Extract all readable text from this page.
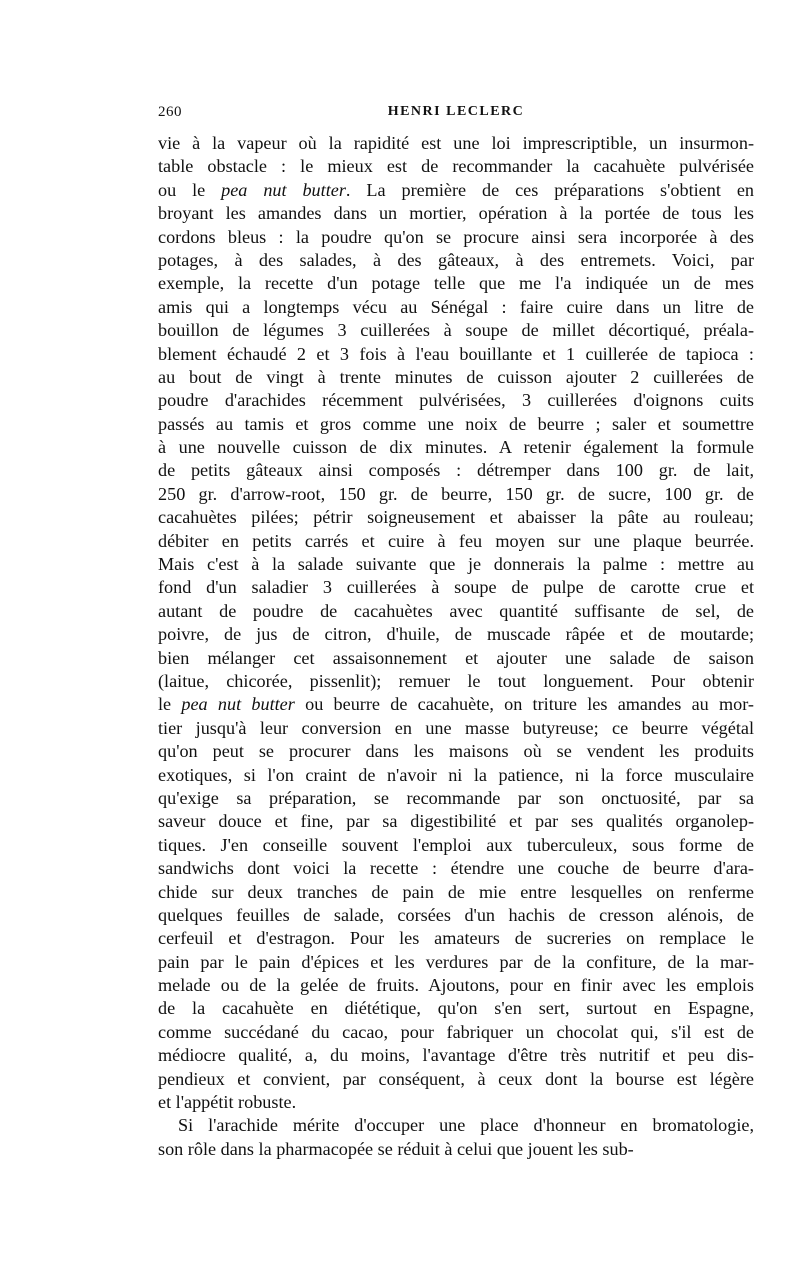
260	HENRI LECLERC
vie à la vapeur où la rapidité est une loi imprescriptible, un insurmon-
table obstacle : le mieux est de recommander la cacahuète pulvérisée
ou le pea nut butter. La première de ces préparations s'obtient en
broyant les amandes dans un mortier, opération à la portée de tous les
cordons bleus : la poudre qu'on se procure ainsi sera incorporée à des
potages, à des salades, à des gâteaux, à des entremets. Voici, par
exemple, la recette d'un potage telle que me l'a indiquée un de mes
amis qui a longtemps vécu au Sénégal : faire cuire dans un litre de
bouillon de légumes 3 cuillerées à soupe de millet décortiqué, préala-
blement échaudé 2 et 3 fois à l'eau bouillante et 1 cuillerée de tapioca :
au bout de vingt à trente minutes de cuisson ajouter 2 cuillerées de
poudre d'arachides récemment pulvérisées, 3 cuillerées d'oignons cuits
passés au tamis et gros comme une noix de beurre ; saler et soumettre
à une nouvelle cuisson de dix minutes. A retenir également la formule
de petits gâteaux ainsi composés : détremper dans 100 gr. de lait,
250 gr. d'arrow-root, 150 gr. de beurre, 150 gr. de sucre, 100 gr. de
cacahuètes pilées; pétrir soigneusement et abaisser la pâte au rouleau;
débiter en petits carrés et cuire à feu moyen sur une plaque beurrée.
Mais c'est à la salade suivante que je donnerais la palme : mettre au
fond d'un saladier 3 cuillerées à soupe de pulpe de carotte crue et
autant de poudre de cacahuètes avec quantité suffisante de sel, de
poivre, de jus de citron, d'huile, de muscade râpée et de moutarde;
bien mélanger cet assaisonnement et ajouter une salade de saison
(laitue, chicorée, pissenlit); remuer le tout longuement. Pour obtenir
le pea nut butter ou beurre de cacahuète, on triture les amandes au mor-
tier jusqu'à leur conversion en une masse butyreuse; ce beurre végétal
qu'on peut se procurer dans les maisons où se vendent les produits
exotiques, si l'on craint de n'avoir ni la patience, ni la force musculaire
qu'exige sa préparation, se recommande par son onctuosité, par sa
saveur douce et fine, par sa digestibilité et par ses qualités organolep-
tiques. J'en conseille souvent l'emploi aux tuberculeux, sous forme de
sandwichs dont voici la recette : étendre une couche de beurre d'ara-
chide sur deux tranches de pain de mie entre lesquelles on renferme
quelques feuilles de salade, corsées d'un hachis de cresson alénois, de
cerfeuil et d'estragon. Pour les amateurs de sucreries on remplace le
pain par le pain d'épices et les verdures par de la confiture, de la mar-
melade ou de la gelée de fruits. Ajoutons, pour en finir avec les emplois
de la cacahuète en diététique, qu'on s'en sert, surtout en Espagne,
comme succédané du cacao, pour fabriquer un chocolat qui, s'il est de
médiocre qualité, a, du moins, l'avantage d'être très nutritif et peu dis-
pendieux et convient, par conséquent, à ceux dont la bourse est légère
et l'appétit robuste.
Si l'arachide mérite d'occuper une place d'honneur en bromatologie,
son rôle dans la pharmacopée se réduit à celui que jouent les sub-
